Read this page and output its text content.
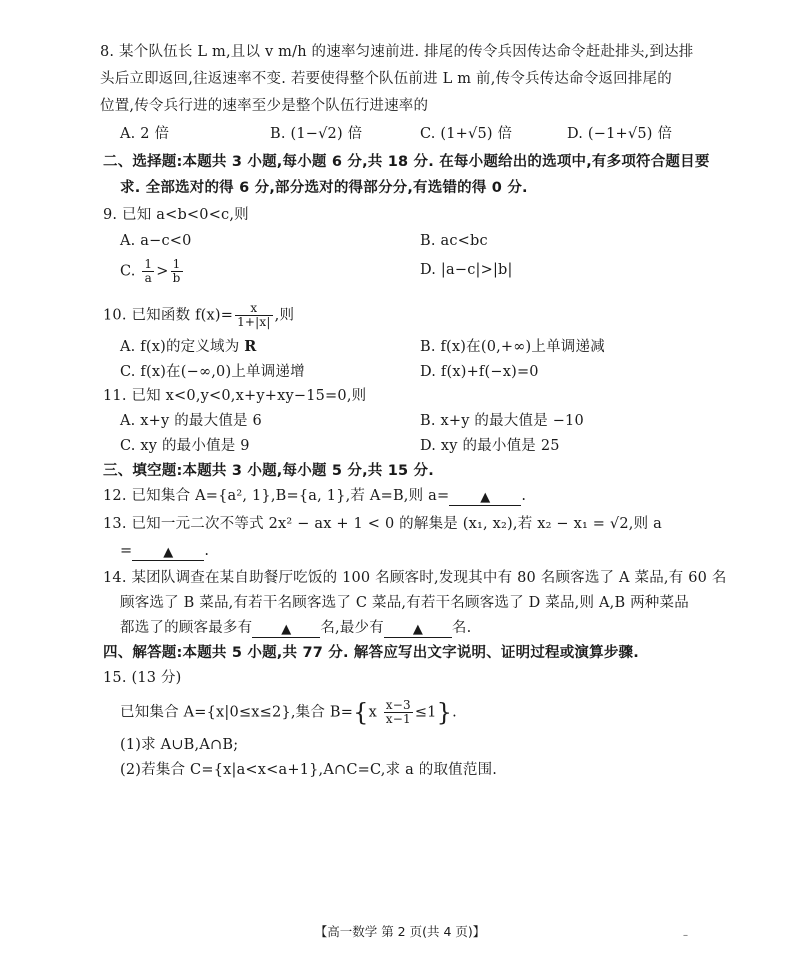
8. 某个队伍长 L m,且以 v m/h 的速率匀速前进. 排尾的传令兵因传达命令赶赴排头,到达排
头后立即返回,往返速率不变. 若要使得整个队伍前进 L m 前,传令兵传达命令返回排尾的
位置,传令兵行进的速率至少是整个队伍行进速率的
A. 2 倍	B. (1−√2) 倍	C. (1+√5) 倍	D. (−1+√5) 倍
二、选择题:本题共 3 小题,每小题 6 分,共 18 分. 在每小题给出的选项中,有多项符合题目要
求. 全部选对的得 6 分,部分选对的得部分分,有选错的得 0 分.
9. 已知 a<b<0<c,则
A. a−c<0	B. ac<bc
C. $\frac{1}{a} > \frac{1}{b}$	D. |a−c|>|b|
10. 已知函数 $f(x)= \frac{x}{1+|x|}$ ,则
A. f(x)的定义域为 R	B. f(x)在(0,+∞)上单调递减
C. f(x)在(−∞,0)上单调递增	D. f(x)+f(−x)=0
11. 已知 x<0,y<0,x+y+xy−15=0,则
A. x+y 的最大值是 6	B. x+y 的最大值是 −10
C. xy 的最小值是 9	D. xy 的最小值是 25
三、填空题:本题共 3 小题,每小题 5 分,共 15 分.
12. 已知集合 A={a², 1},B={a, 1},若 A=B,则 a= ▲ .
13. 已知一元二次不等式 2x² − ax + 1 < 0 的解集是 (x₁, x₂),若 x₂ − x₁ = √2,则 a
= ▲ .
14. 某团队调查在某自助餐厅吃饭的 100 名顾客时,发现其中有 80 名顾客选了 A 菜品,有 60 名
顾客选了 B 菜品,有若干名顾客选了 C 菜品,有若干名顾客选了 D 菜品,则 A,B 两种菜品
都选了的顾客最多有 ▲ 名,最少有 ▲ 名.
四、解答题:本题共 5 小题,共 77 分. 解答应写出文字说明、证明过程或演算步骤.
15. (13 分)
已知集合 A={x|0≤x≤2},集合 $B=\{x \frac{x-3}{x-1} \le 1\}$.
(1)求 A∪B,A∩B;
(2)若集合 C={x|a<x<a+1},A∩C=C,求 a 的取值范围.
【高一数学 第 2 页(共 4 页)】	–
